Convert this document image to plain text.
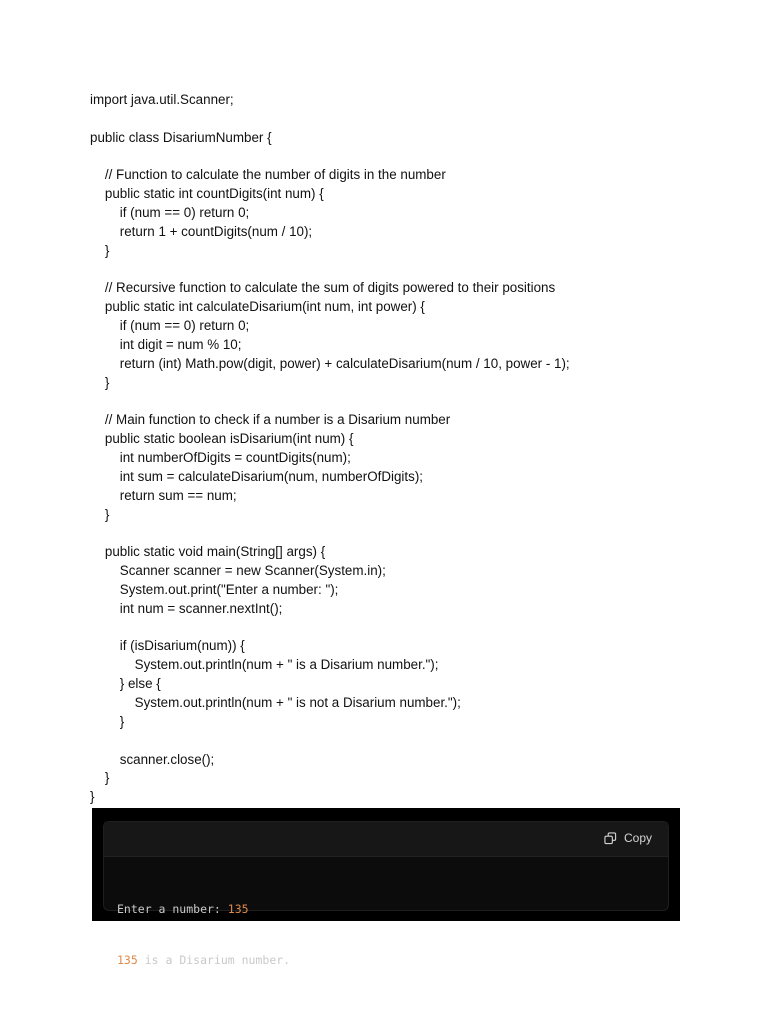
import java.util.Scanner;
public class DisariumNumber {
// Function to calculate the number of digits in the number
public static int countDigits(int num) {
if (num == 0) return 0;
return 1 + countDigits(num / 10);
}
// Recursive function to calculate the sum of digits powered to their positions
public static int calculateDisarium(int num, int power) {
if (num == 0) return 0;
int digit = num % 10;
return (int) Math.pow(digit, power) + calculateDisarium(num / 10, power - 1);
}
// Main function to check if a number is a Disarium number
public static boolean isDisarium(int num) {
int numberOfDigits = countDigits(num);
int sum = calculateDisarium(num, numberOfDigits);
return sum == num;
}
public static void main(String[] args) {
Scanner scanner = new Scanner(System.in);
System.out.print("Enter a number: ");
int num = scanner.nextInt();
if (isDisarium(num)) {
System.out.println(num + " is a Disarium number.");
} else {
System.out.println(num + " is not a Disarium number.");
}
scanner.close();
}
}
Copy

Enter a number: 135

135 is a Disarium number.
